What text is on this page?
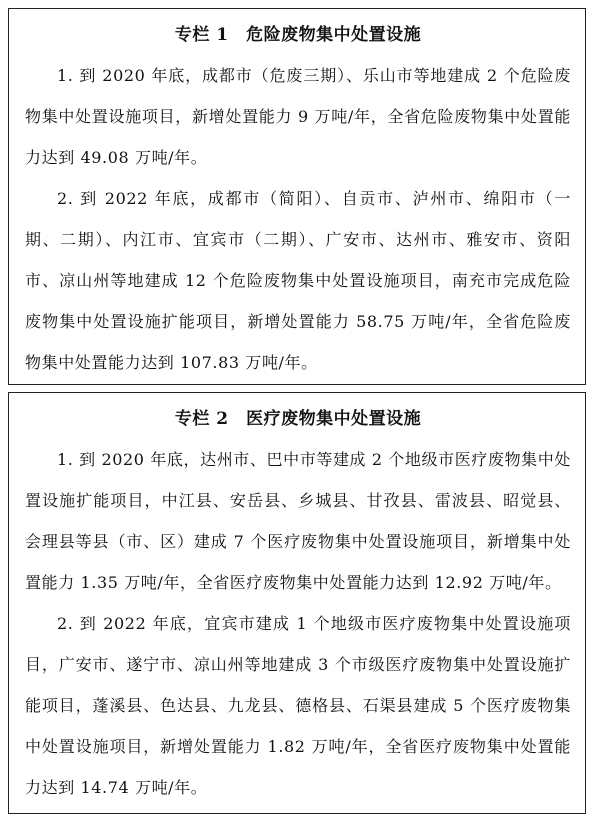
专栏 1　危险废物集中处置设施

1. 到 2020 年底，成都市（危废三期）、乐山市等地建成 2 个危险废物集中处置设施项目，新增处置能力 9 万吨/年，全省危险废物集中处置能力达到 49.08 万吨/年。

2. 到 2022 年底，成都市（简阳）、自贡市、泸州市、绵阳市（一期、二期）、内江市、宜宾市（二期）、广安市、达州市、雅安市、资阳市、凉山州等地建成 12 个危险废物集中处置设施项目，南充市完成危险废物集中处置设施扩能项目，新增处置能力 58.75 万吨/年，全省危险废物集中处置能力达到 107.83 万吨/年。

专栏 2　医疗废物集中处置设施

1. 到 2020 年底，达州市、巴中市等建成 2 个地级市医疗废物集中处置设施扩能项目，中江县、安岳县、乡城县、甘孜县、雷波县、昭觉县、会理县等县（市、区）建成 7 个医疗废物集中处置设施项目，新增集中处置能力 1.35 万吨/年，全省医疗废物集中处置能力达到 12.92 万吨/年。

2. 到 2022 年底，宜宾市建成 1 个地级市医疗废物集中处置设施项目，广安市、遂宁市、凉山州等地建成 3 个市级医疗废物集中处置设施扩能项目，蓬溪县、色达县、九龙县、德格县、石渠县建成 5 个医疗废物集中处置设施项目，新增处置能力 1.82 万吨/年，全省医疗废物集中处置能力达到 14.74 万吨/年。
